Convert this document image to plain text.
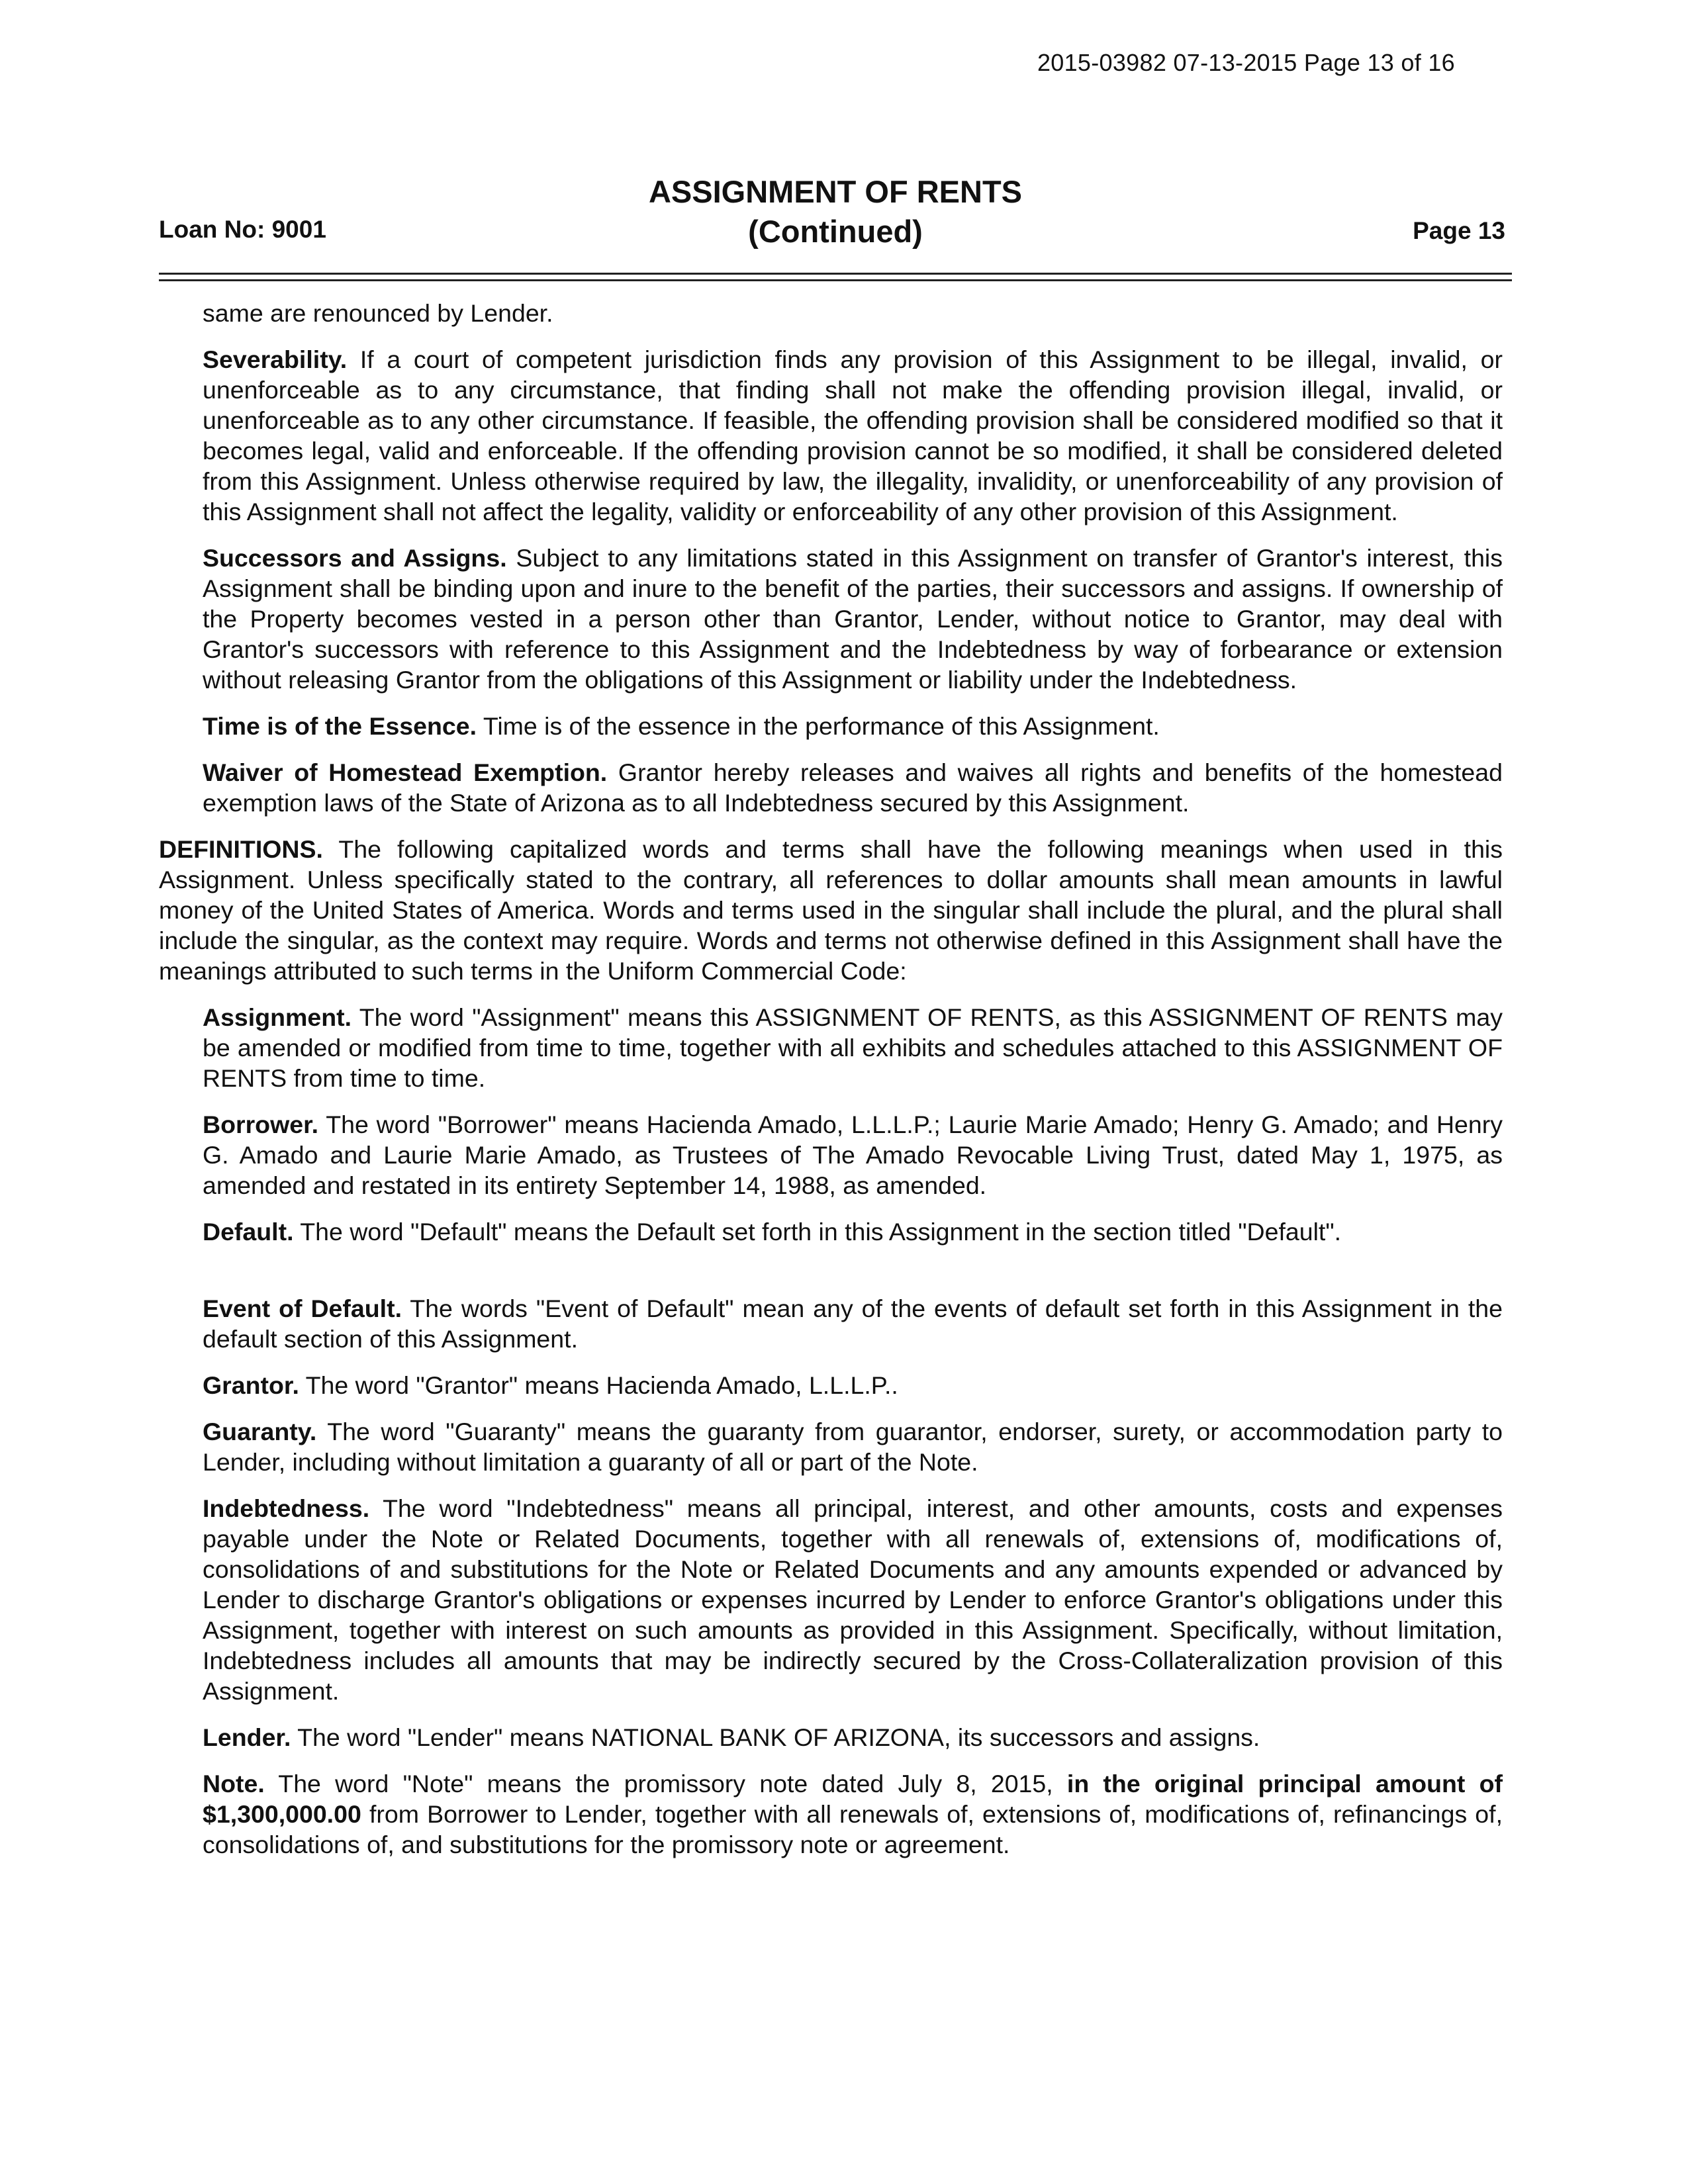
2015-03982 07-13-2015 Page 13 of 16
Loan No: 9001
ASSIGNMENT OF RENTS
(Continued)	Page 13

same are renounced by Lender.

Severability. If a court of competent jurisdiction finds any provision of this Assignment to be illegal, invalid, or unenforceable as to any circumstance, that finding shall not make the offending provision illegal, invalid, or unenforceable as to any other circumstance. If feasible, the offending provision shall be considered modified so that it becomes legal, valid and enforceable. If the offending provision cannot be so modified, it shall be considered deleted from this Assignment. Unless otherwise required by law, the illegality, invalidity, or unenforceability of any provision of this Assignment shall not affect the legality, validity or enforceability of any other provision of this Assignment.

Successors and Assigns. Subject to any limitations stated in this Assignment on transfer of Grantor's interest, this Assignment shall be binding upon and inure to the benefit of the parties, their successors and assigns. If ownership of the Property becomes vested in a person other than Grantor, Lender, without notice to Grantor, may deal with Grantor's successors with reference to this Assignment and the Indebtedness by way of forbearance or extension without releasing Grantor from the obligations of this Assignment or liability under the Indebtedness.

Time is of the Essence. Time is of the essence in the performance of this Assignment.

Waiver of Homestead Exemption. Grantor hereby releases and waives all rights and benefits of the homestead exemption laws of the State of Arizona as to all Indebtedness secured by this Assignment.

DEFINITIONS. The following capitalized words and terms shall have the following meanings when used in this Assignment. Unless specifically stated to the contrary, all references to dollar amounts shall mean amounts in lawful money of the United States of America. Words and terms used in the singular shall include the plural, and the plural shall include the singular, as the context may require. Words and terms not otherwise defined in this Assignment shall have the meanings attributed to such terms in the Uniform Commercial Code:

Assignment. The word "Assignment" means this ASSIGNMENT OF RENTS, as this ASSIGNMENT OF RENTS may be amended or modified from time to time, together with all exhibits and schedules attached to this ASSIGNMENT OF RENTS from time to time.

Borrower. The word "Borrower" means Hacienda Amado, L.L.L.P.; Laurie Marie Amado; Henry G. Amado; and Henry G. Amado and Laurie Marie Amado, as Trustees of The Amado Revocable Living Trust, dated May 1, 1975, as amended and restated in its entirety September 14, 1988, as amended.

Default. The word "Default" means the Default set forth in this Assignment in the section titled "Default".

Event of Default. The words "Event of Default" mean any of the events of default set forth in this Assignment in the default section of this Assignment.

Grantor. The word "Grantor" means Hacienda Amado, L.L.L.P..

Guaranty. The word "Guaranty" means the guaranty from guarantor, endorser, surety, or accommodation party to Lender, including without limitation a guaranty of all or part of the Note.

Indebtedness. The word "Indebtedness" means all principal, interest, and other amounts, costs and expenses payable under the Note or Related Documents, together with all renewals of, extensions of, modifications of, consolidations of and substitutions for the Note or Related Documents and any amounts expended or advanced by Lender to discharge Grantor's obligations or expenses incurred by Lender to enforce Grantor's obligations under this Assignment, together with interest on such amounts as provided in this Assignment. Specifically, without limitation, Indebtedness includes all amounts that may be indirectly secured by the Cross-Collateralization provision of this Assignment.

Lender. The word "Lender" means NATIONAL BANK OF ARIZONA, its successors and assigns.

Note. The word "Note" means the promissory note dated July 8, 2015, in the original principal amount of $1,300,000.00 from Borrower to Lender, together with all renewals of, extensions of, modifications of, refinancings of, consolidations of, and substitutions for the promissory note or agreement.
